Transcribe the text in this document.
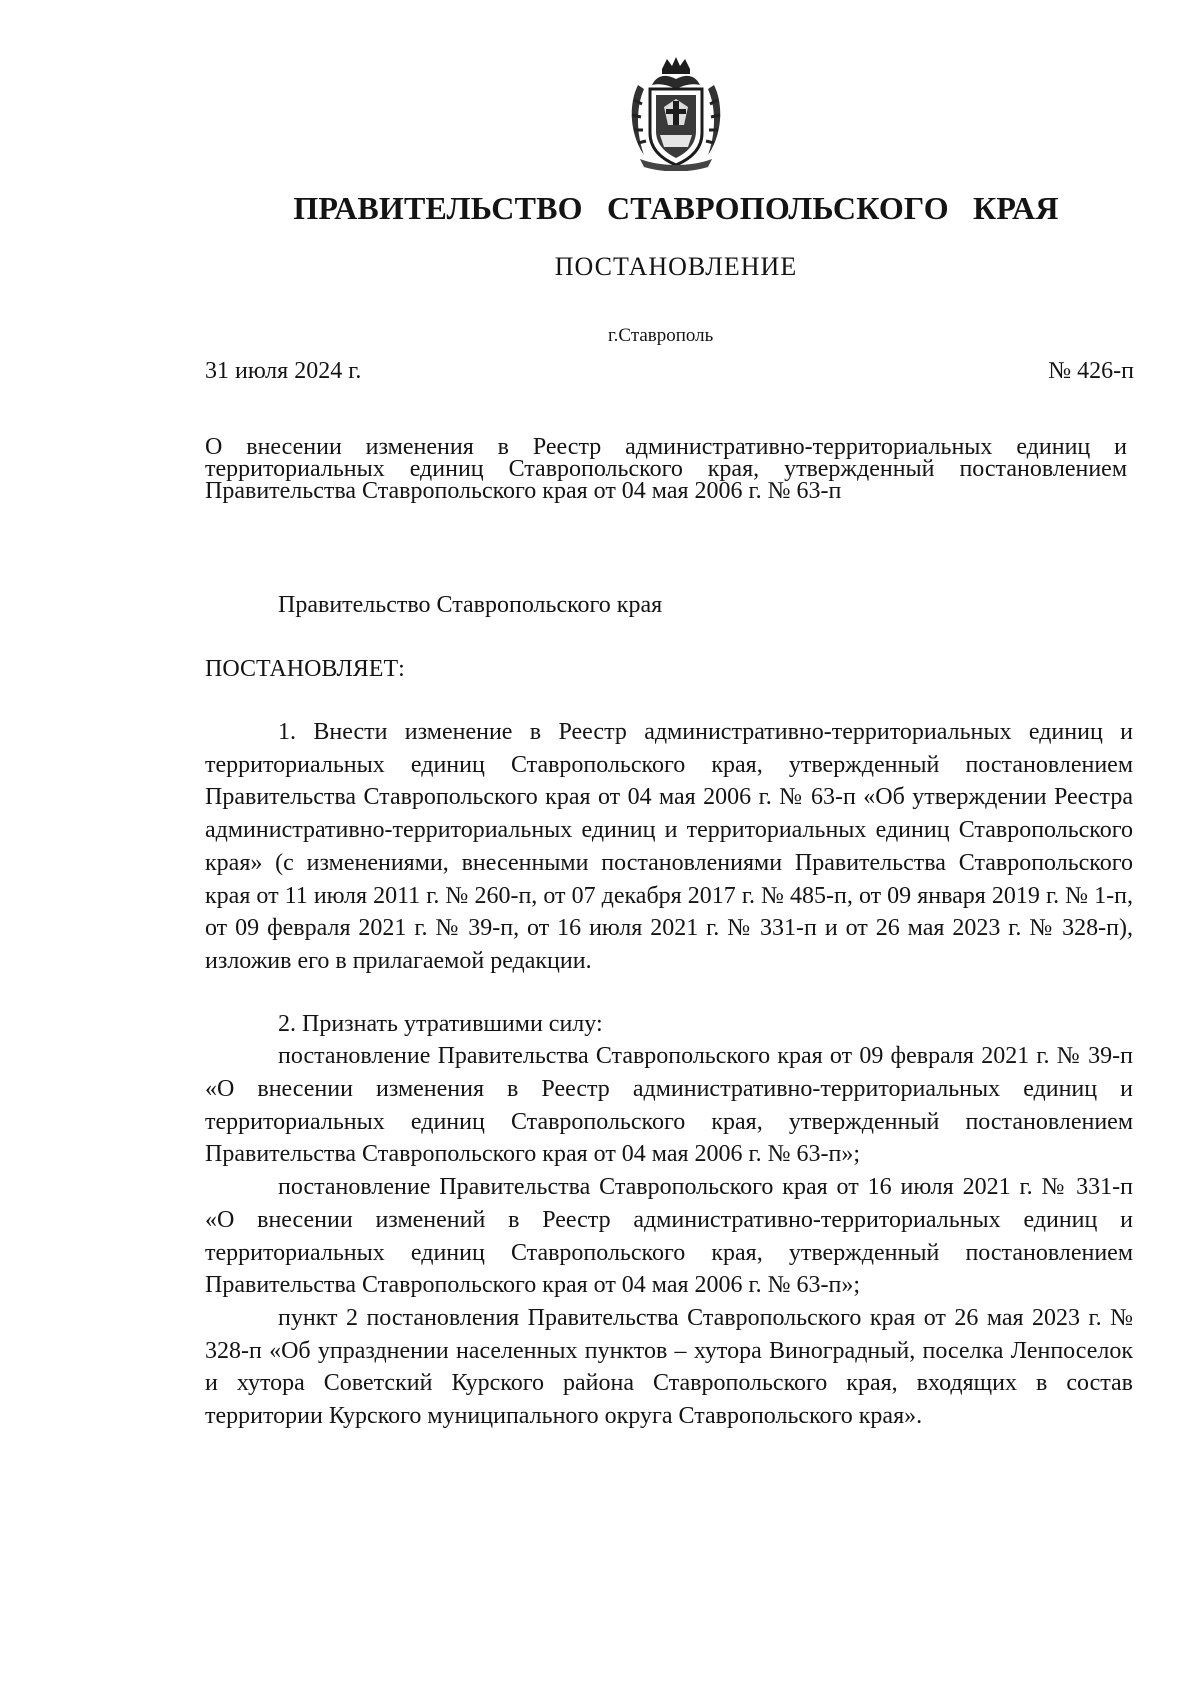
ПРАВИТЕЛЬСТВО СТАВРОПОЛЬСКОГО КРАЯ
ПОСТАНОВЛЕНИЕ
г.Ставрополь
31 июля 2024 г.	№ 426-п
О внесении изменения в Реестр административно-территориальных единиц и территориальных единиц Ставропольского края, утвержденный постановлением Правительства Ставропольского края от 04 мая 2006 г. № 63-п
Правительство Ставропольского края
ПОСТАНОВЛЯЕТ:

1. Внести изменение в Реестр административно-территориальных единиц и территориальных единиц Ставропольского края, утвержденный постановлением Правительства Ставропольского края от 04 мая 2006 г. № 63-п «Об утверждении Реестра административно-территориальных единиц и территориальных единиц Ставропольского края» (с изменениями, внесенными постановлениями Правительства Ставропольского края от 11 июля 2011 г. № 260-п, от 07 декабря 2017 г. № 485-п, от 09 января 2019 г. № 1-п, от 09 февраля 2021 г. № 39-п, от 16 июля 2021 г. № 331-п и от 26 мая 2023 г. № 328-п), изложив его в прилагаемой редакции.

2. Признать утратившими силу:

постановление Правительства Ставропольского края от 09 февраля 2021 г. № 39-п «О внесении изменения в Реестр административно-территориальных единиц и территориальных единиц Ставропольского края, утвержденный постановлением Правительства Ставропольского края от 04 мая 2006 г. № 63-п»;

постановление Правительства Ставропольского края от 16 июля 2021 г. № 331-п «О внесении изменений в Реестр административно-территориальных единиц и территориальных единиц Ставропольского края, утвержденный постановлением Правительства Ставропольского края от 04 мая 2006 г. № 63-п»;

пункт 2 постановления Правительства Ставропольского края от 26 мая 2023 г. № 328-п «Об упразднении населенных пунктов – хутора Виноградный, поселка Ленпоселок и хутора Советский Курского района Ставропольского края, входящих в состав территории Курского муниципального округа Ставропольского края».
